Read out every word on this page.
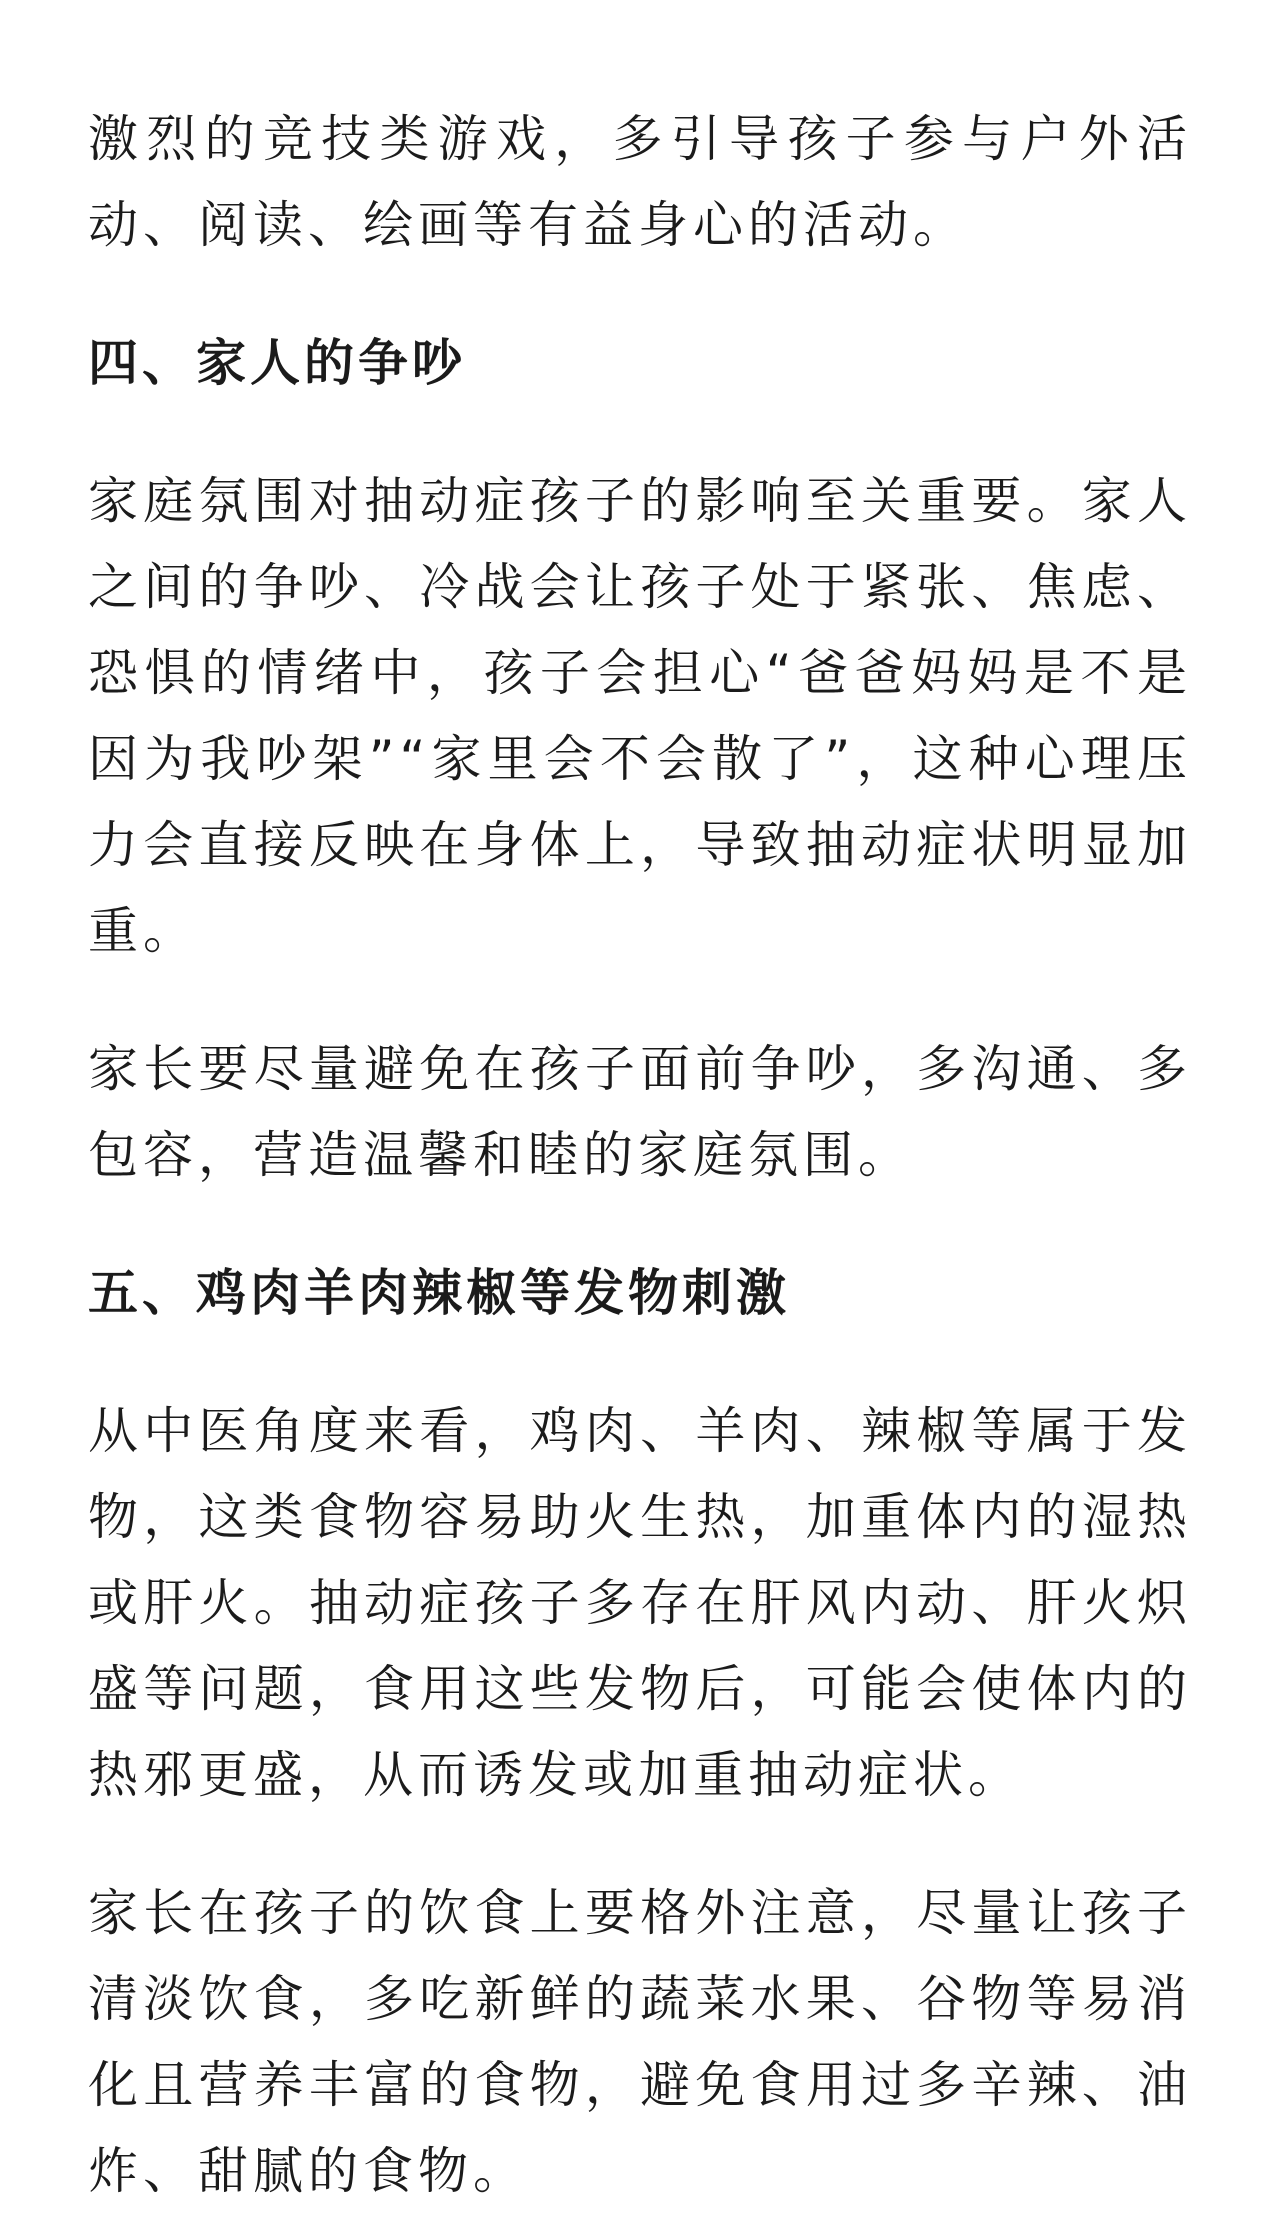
激烈的竞技类游戏，多引导孩子参与户外活动、阅读、绘画等有益身心的活动。

四、家人的争吵

家庭氛围对抽动症孩子的影响至关重要。家人之间的争吵、冷战会让孩子处于紧张、焦虑、恐惧的情绪中，孩子会担心“爸爸妈妈是不是因为我吵架”“家里会不会散了”，这种心理压力会直接反映在身体上，导致抽动症状明显加重。

家长要尽量避免在孩子面前争吵，多沟通、多包容，营造温馨和睦的家庭氛围。

五、鸡肉羊肉辣椒等发物刺激

从中医角度来看，鸡肉、羊肉、辣椒等属于发物，这类食物容易助火生热，加重体内的湿热或肝火。抽动症孩子多存在肝风内动、肝火炽盛等问题，食用这些发物后，可能会使体内的热邪更盛，从而诱发或加重抽动症状。

家长在孩子的饮食上要格外注意，尽量让孩子清淡饮食，多吃新鲜的蔬菜水果、谷物等易消化且营养丰富的食物，避免食用过多辛辣、油炸、甜腻的食物。
